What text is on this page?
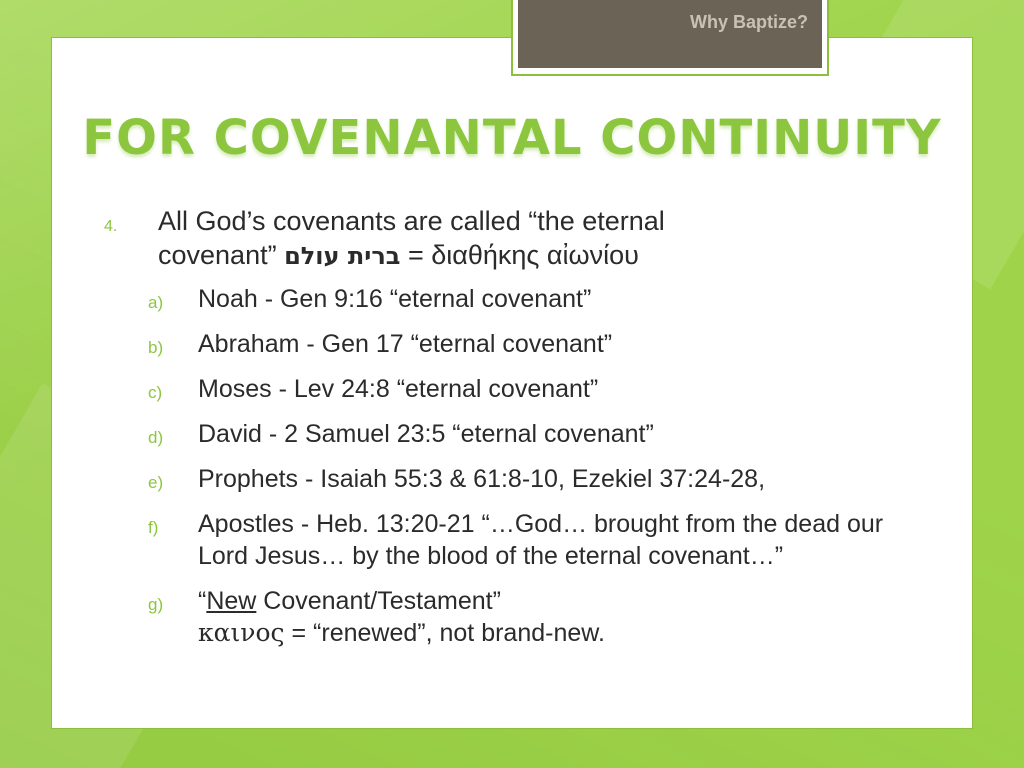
Why Baptize?
FOR COVENANTAL CONTINUITY
4. All God’s covenants are called “the eternal
covenant” ברית עולם = διαθήκης αἰωνίου
a) Noah - Gen 9:16 “eternal covenant”
b) Abraham - Gen 17 “eternal covenant”
c) Moses - Lev 24:8 “eternal covenant”
d) David - 2 Samuel 23:5 “eternal covenant”
e) Prophets - Isaiah 55:3 & 61:8-10, Ezekiel 37:24-28,
f) Apostles - Heb. 13:20-21 “…God… brought from the dead our Lord Jesus… by the blood of the eternal covenant…”
g) “New Covenant/Testament”
καινος = “renewed”, not brand-new.
